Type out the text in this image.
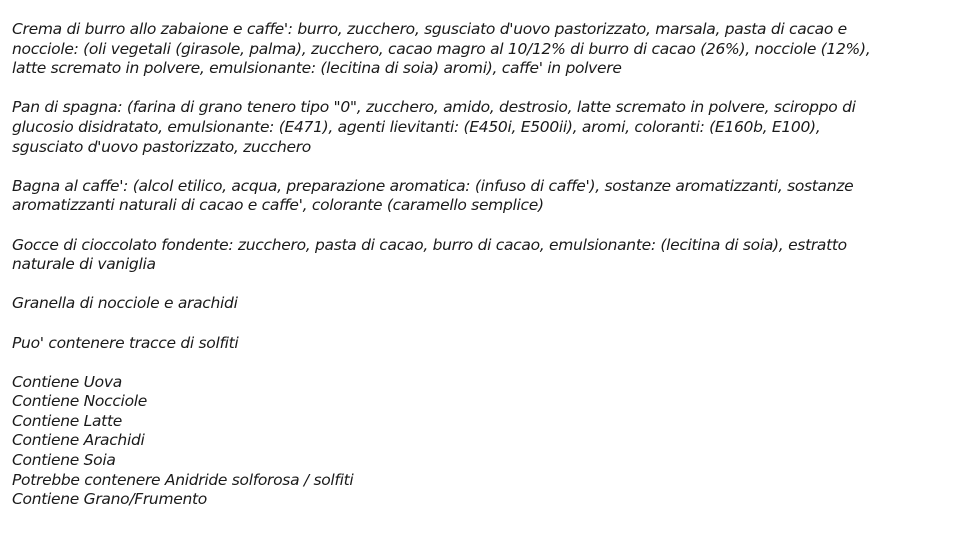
Crema di burro allo zabaione e caffe': burro, zucchero, sgusciato d'uovo pastorizzato, marsala, pasta di cacao e
nocciole: (oli vegetali (girasole, palma), zucchero, cacao magro al 10/12% di burro di cacao (26%), nocciole (12%),
latte scremato in polvere, emulsionante: (lecitina di soia) aromi), caffe' in polvere
Pan di spagna: (farina di grano tenero tipo "0", zucchero, amido, destrosio, latte scremato in polvere, sciroppo di
glucosio disidratato, emulsionante: (E471), agenti lievitanti: (E450i, E500ii), aromi, coloranti: (E160b, E100),
sgusciato d'uovo pastorizzato, zucchero
Bagna al caffe': (alcol etilico, acqua, preparazione aromatica: (infuso di caffe'), sostanze aromatizzanti, sostanze
aromatizzanti naturali di cacao e caffe', colorante (caramello semplice)
Gocce di cioccolato fondente: zucchero, pasta di cacao, burro di cacao, emulsionante: (lecitina di soia), estratto
naturale di vaniglia
Granella di nocciole e arachidi
Puo' contenere tracce di solfiti
Contiene Uova
Contiene Nocciole
Contiene Latte
Contiene Arachidi
Contiene Soia
Potrebbe contenere Anidride solforosa / solfiti
Contiene Grano/Frumento
